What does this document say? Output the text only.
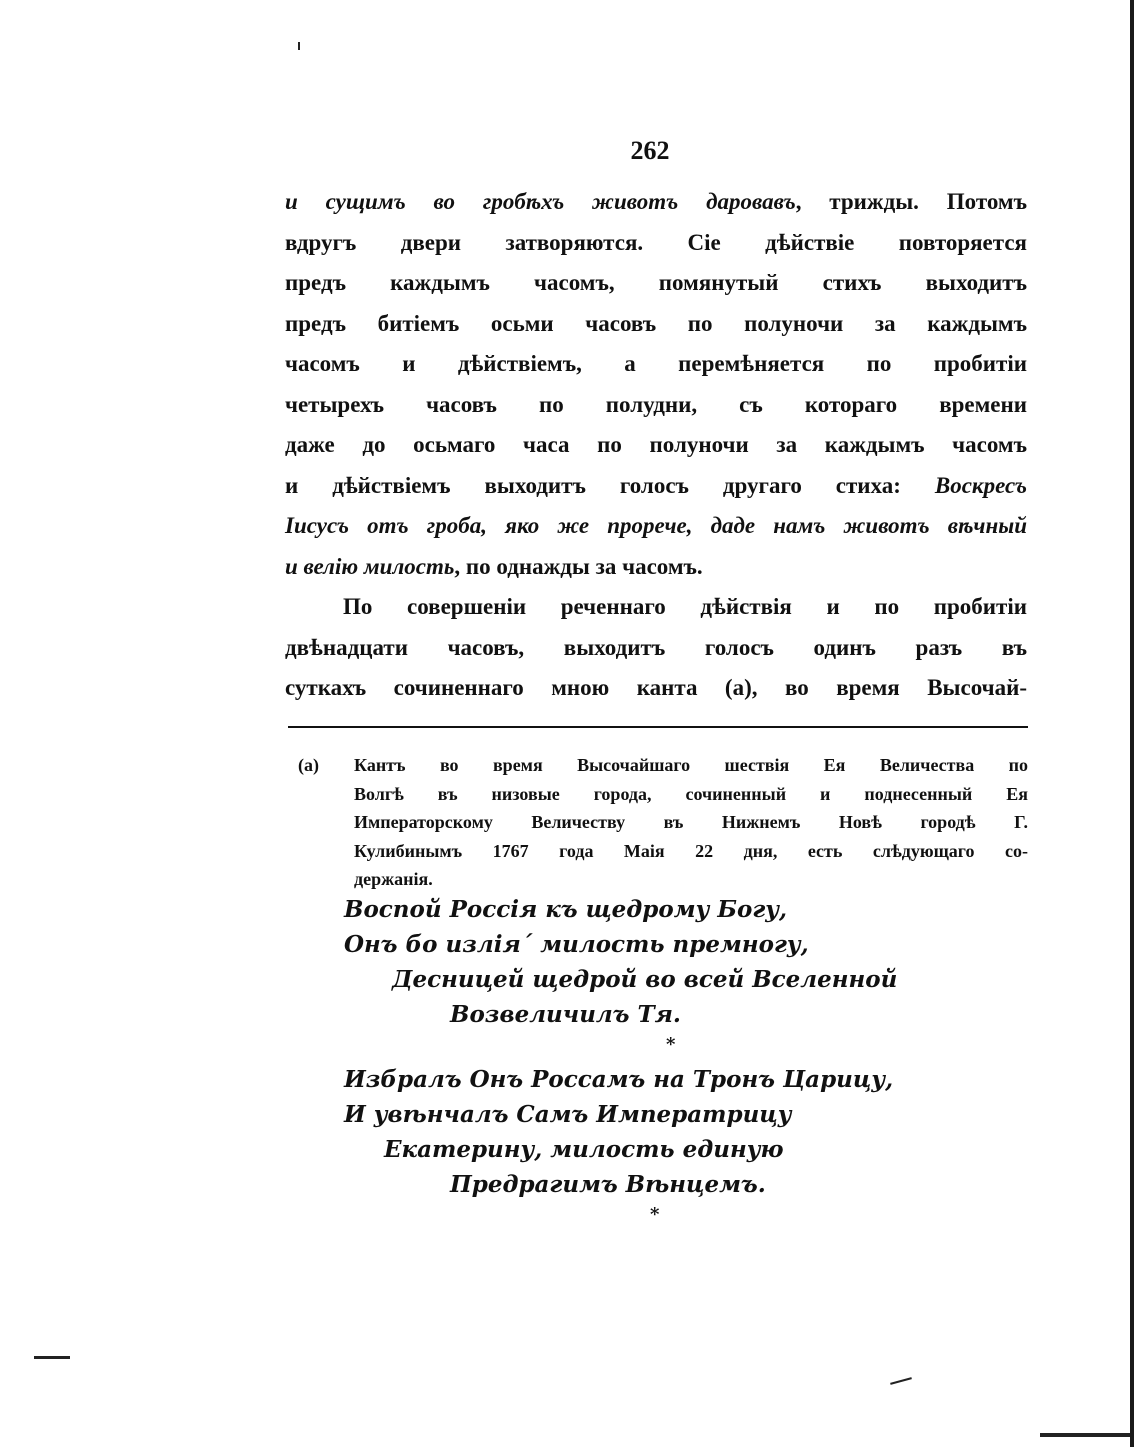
262
и сущимъ во гробѣхъ животъ даровавъ, трижды. Потомъ
вдругъ двери затворяются. Сіе дѣйствіе повторяется
предъ каждымъ часомъ, помянутый стихъ выходитъ
предъ битіемъ осьми часовъ по полуночи за каждымъ
часомъ и дѣйствіемъ, а перемѣняется по пробитіи
четырехъ часовъ по полудни, съ котораго времени
даже до осьмаго часа по полуночи за каждымъ часомъ
и дѣйствіемъ выходитъ голосъ другаго стиха: Воскресъ
Іисусъ отъ гроба, яко же прорече, даде намъ животъ вѣчный
и велію милость, по однажды за часомъ.
По совершеніи реченнаго дѣйствія и по пробитіи
двѣнадцати часовъ, выходитъ голосъ одинъ разъ въ
суткахъ сочиненнаго мною канта (а), во время Высочай-
(а)	Кантъ во время Высочайшаго шествія Ея Величества по
Волгѣ въ низовые города, сочиненный и поднесенный Ея
Императорскому Величеству въ Нижнемъ Новѣ городѣ Г.
Кулибинымъ 1767 года Маія 22 дня, есть слѣдующаго со-
держанія.
Воспой Россія къ щедрому Богу,
Онъ бо изліяˊ милость премногу,
Десницей щедрой во всей Вселенной
Возвеличилъ Тя.
*
Избралъ Онъ Россамъ на Тронъ Царицу,
И увѣнчалъ Самъ Императрицу
Екатерину, милость единую
Предрагимъ Вѣнцемъ.
*
